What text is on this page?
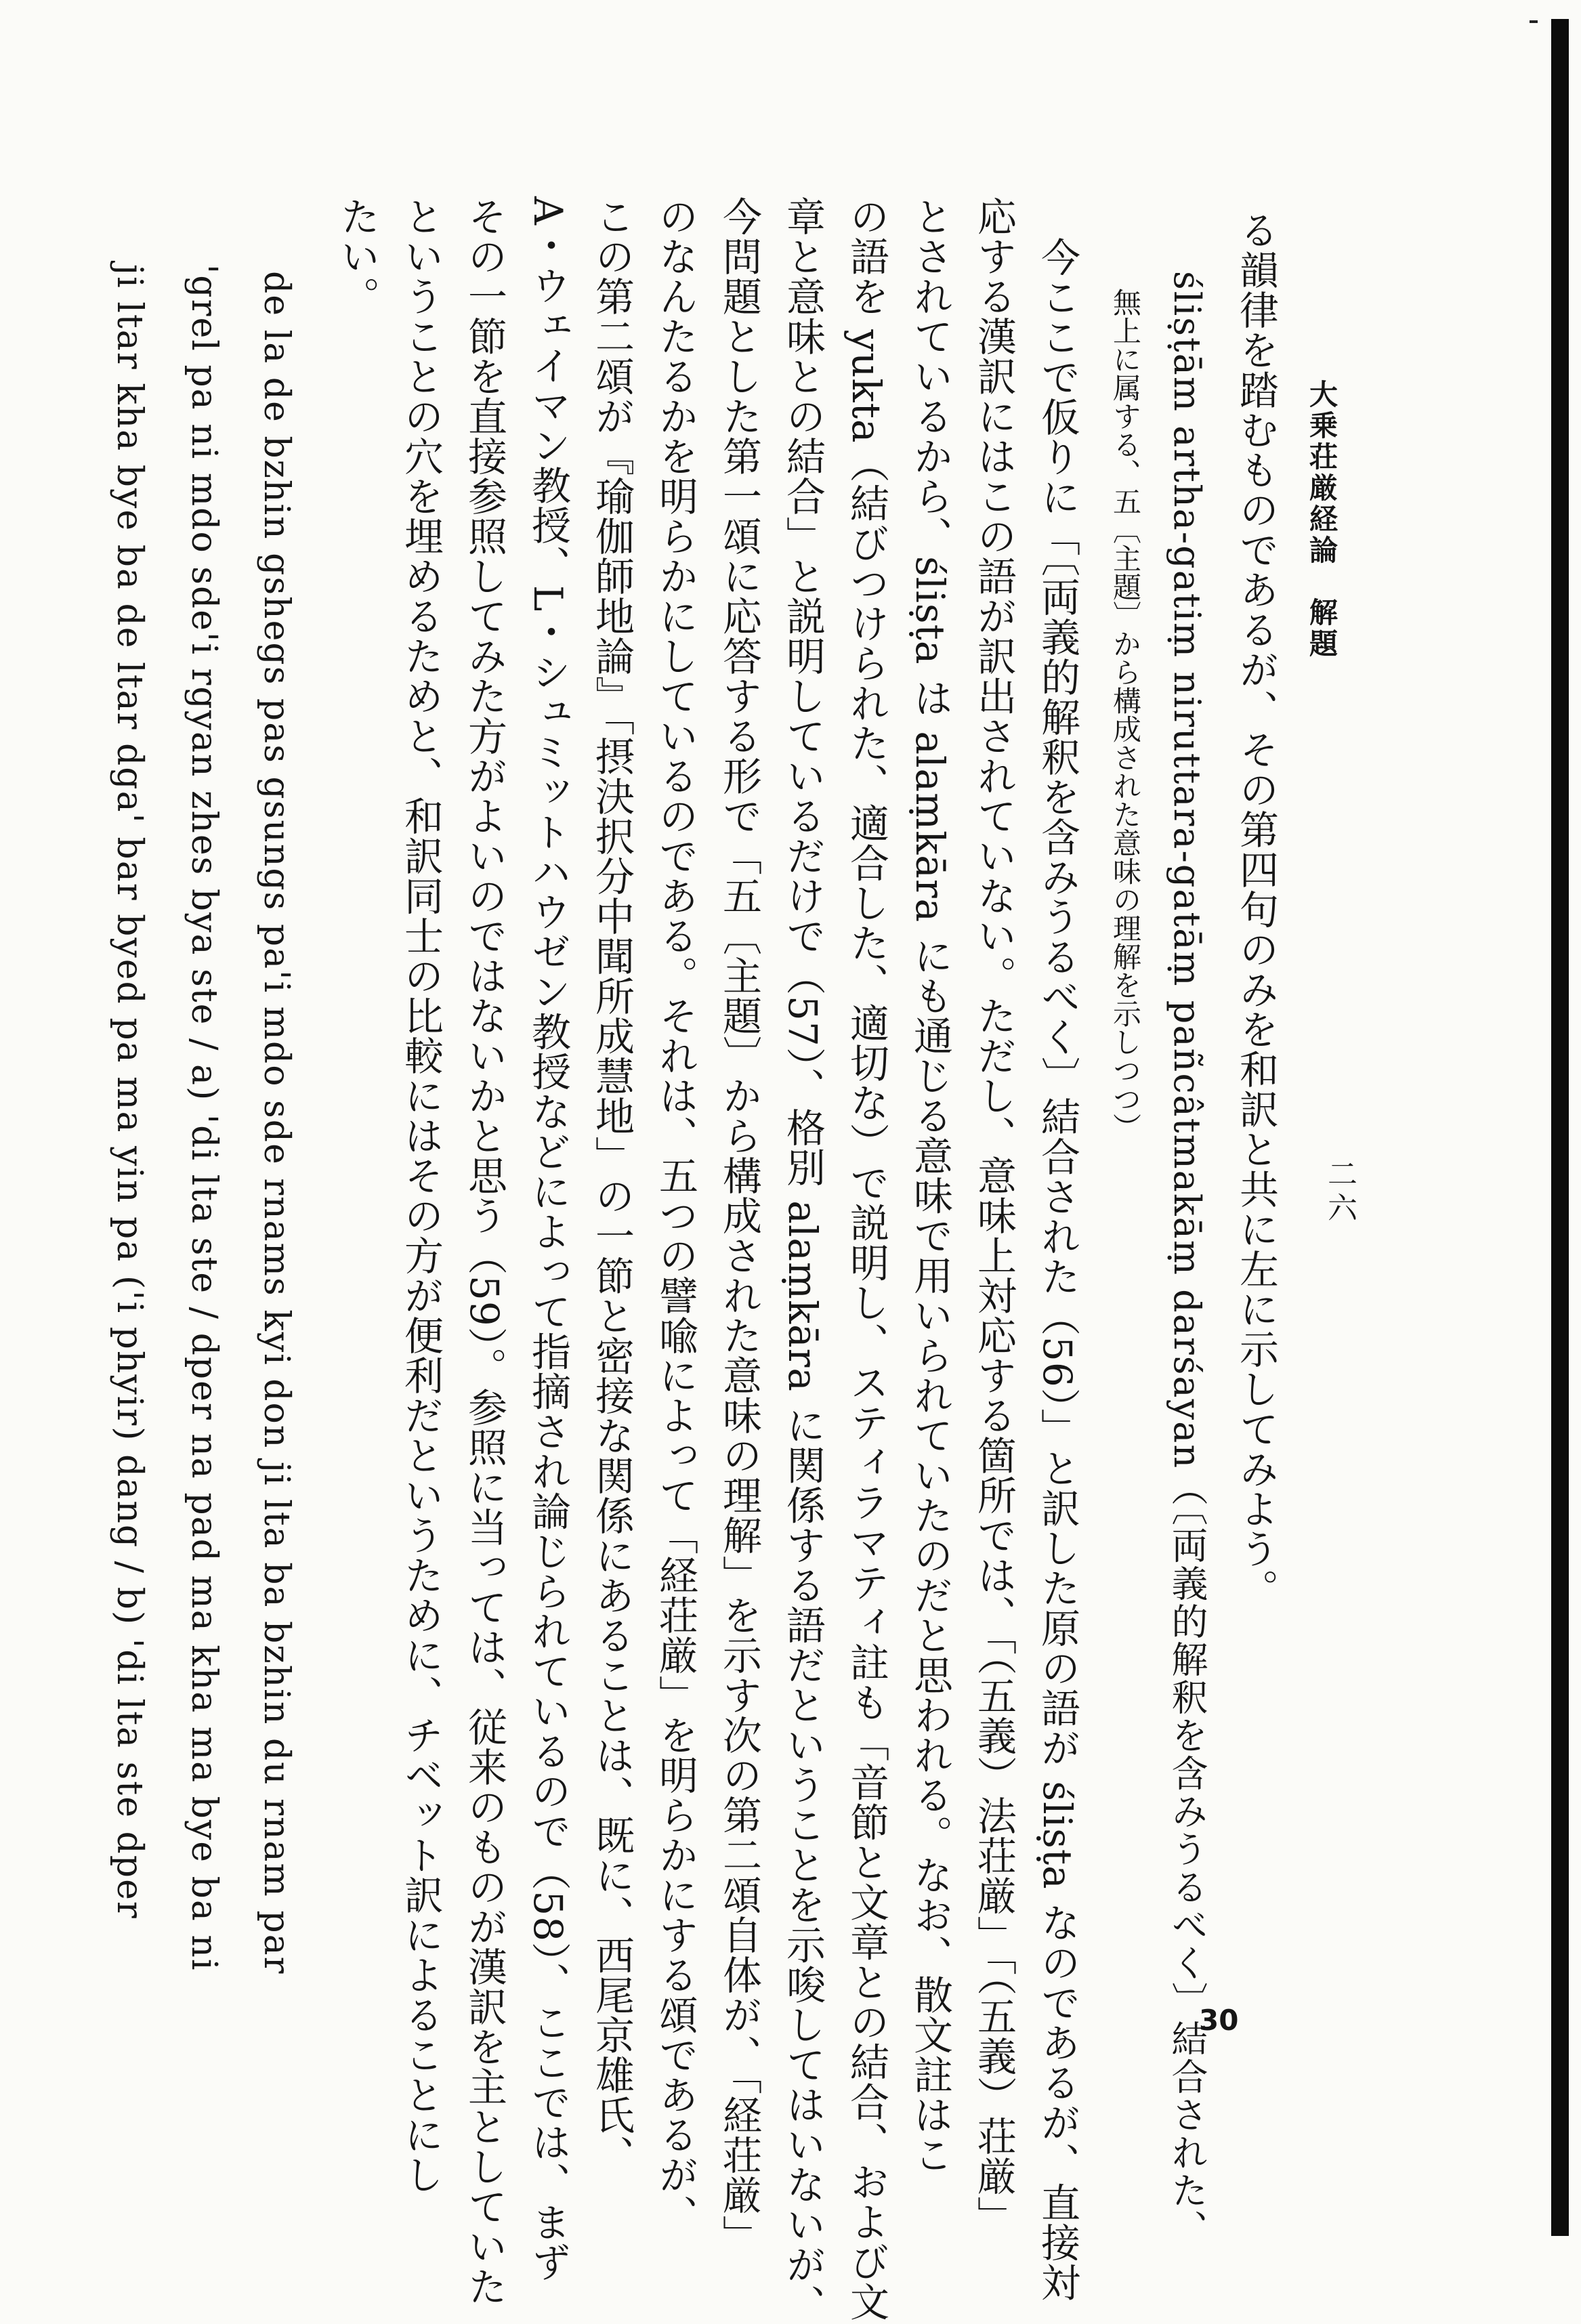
大乗荘厳経論　解題
二六
30
る韻律を踏むものであるが、その第四句のみを和訳と共に左に示してみよう。
śliṣṭām artha-gatiṃ niruttara-gatāṃ pañcâtmakāṃ darśayan（〔両義的解釈を含みうるべく〕結合された、
無上に属する、五〔主題〕から構成された意味の理解を示しつつ）
今ここで仮りに「〔両義的解釈を含みうるべく〕結合された（56）」と訳した原の語が śliṣṭa なのであるが、直接対
応する漢訳にはこの語が訳出されていない。ただし、意味上対応する箇所では、「（五義）法荘厳」「（五義）荘厳」
とされているから、śliṣṭa は alaṃkāra にも通じる意味で用いられていたのだと思われる。なお、散文註はこ
の語を yukta（結びつけられた、適合した、適切な）で説明し、スティラマティ註も「音節と文章との結合、および文
章と意味との結合」と説明しているだけで（57）、格別 alaṃkāra に関係する語だということを示唆してはいないが、
今問題とした第一頌に応答する形で「五〔主題〕から構成された意味の理解」を示す次の第二頌自体が、「経荘厳」
のなんたるかを明らかにしているのである。それは、五つの譬喩によって「経荘厳」を明らかにする頌であるが、
この第二頌が『瑜伽師地論』「摂決択分中聞所成慧地」の一節と密接な関係にあることは、既に、西尾京雄氏、
A・ウェイマン教授、L・シュミットハウゼン教授などによって指摘され論じられているので（58）、ここでは、まず
その一節を直接参照してみた方がよいのではないかと思う（59）。参照に当っては、従来のものが漢訳を主としていた
ということの穴を埋めるためと、和訳同士の比較にはその方が便利だというために、チベット訳によることにし
たい。
de la de bzhin gshegs pas gsungs pa'i mdo sde rnams kyi don ji lta ba bzhin du rnam par
'grel pa ni mdo sde'i rgyan zhes bya ste / a) 'di lta ste / dper na pad ma kha ma bye ba ni
ji ltar kha bye ba de ltar dga' bar byed pa ma yin pa ('i phyir) dang / b) 'di lta ste dper
